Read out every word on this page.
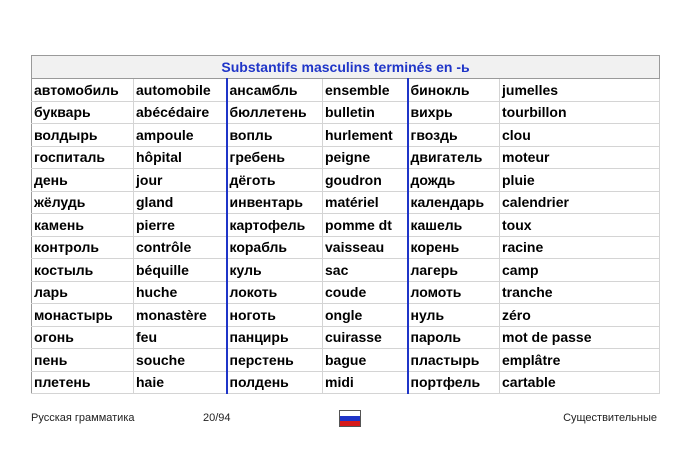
Substantifs masculins terminés en -ь					
автомобиль	automobile	ансамбль	ensemble	бинокль	jumelles
букварь	abécédaire	бюллетень	bulletin	вихрь	tourbillon
волдырь	ampoule	вопль	hurlement	гвоздь	clou
госпиталь	hôpital	гребень	peigne	двигатель	moteur
день	jour	дёготь	goudron	дождь	pluie
жёлудь	gland	инвентарь	matériel	календарь	calendrier
камень	pierre	картофель	pomme dt	кашель	toux
контроль	contrôle	корабль	vaisseau	корень	racine
костыль	béquille	куль	sac	лагерь	camp
ларь	huche	локоть	coude	ломоть	tranche
монастырь	monastère	ноготь	ongle	нуль	zéro
огонь	feu	панцирь	cuirasse	пароль	mot de passe
пень	souche	перстень	bague	пластырь	emplâtre
плетень	haie	полдень	midi	портфель	cartable
Русская грамматика	20/94	Существительные
